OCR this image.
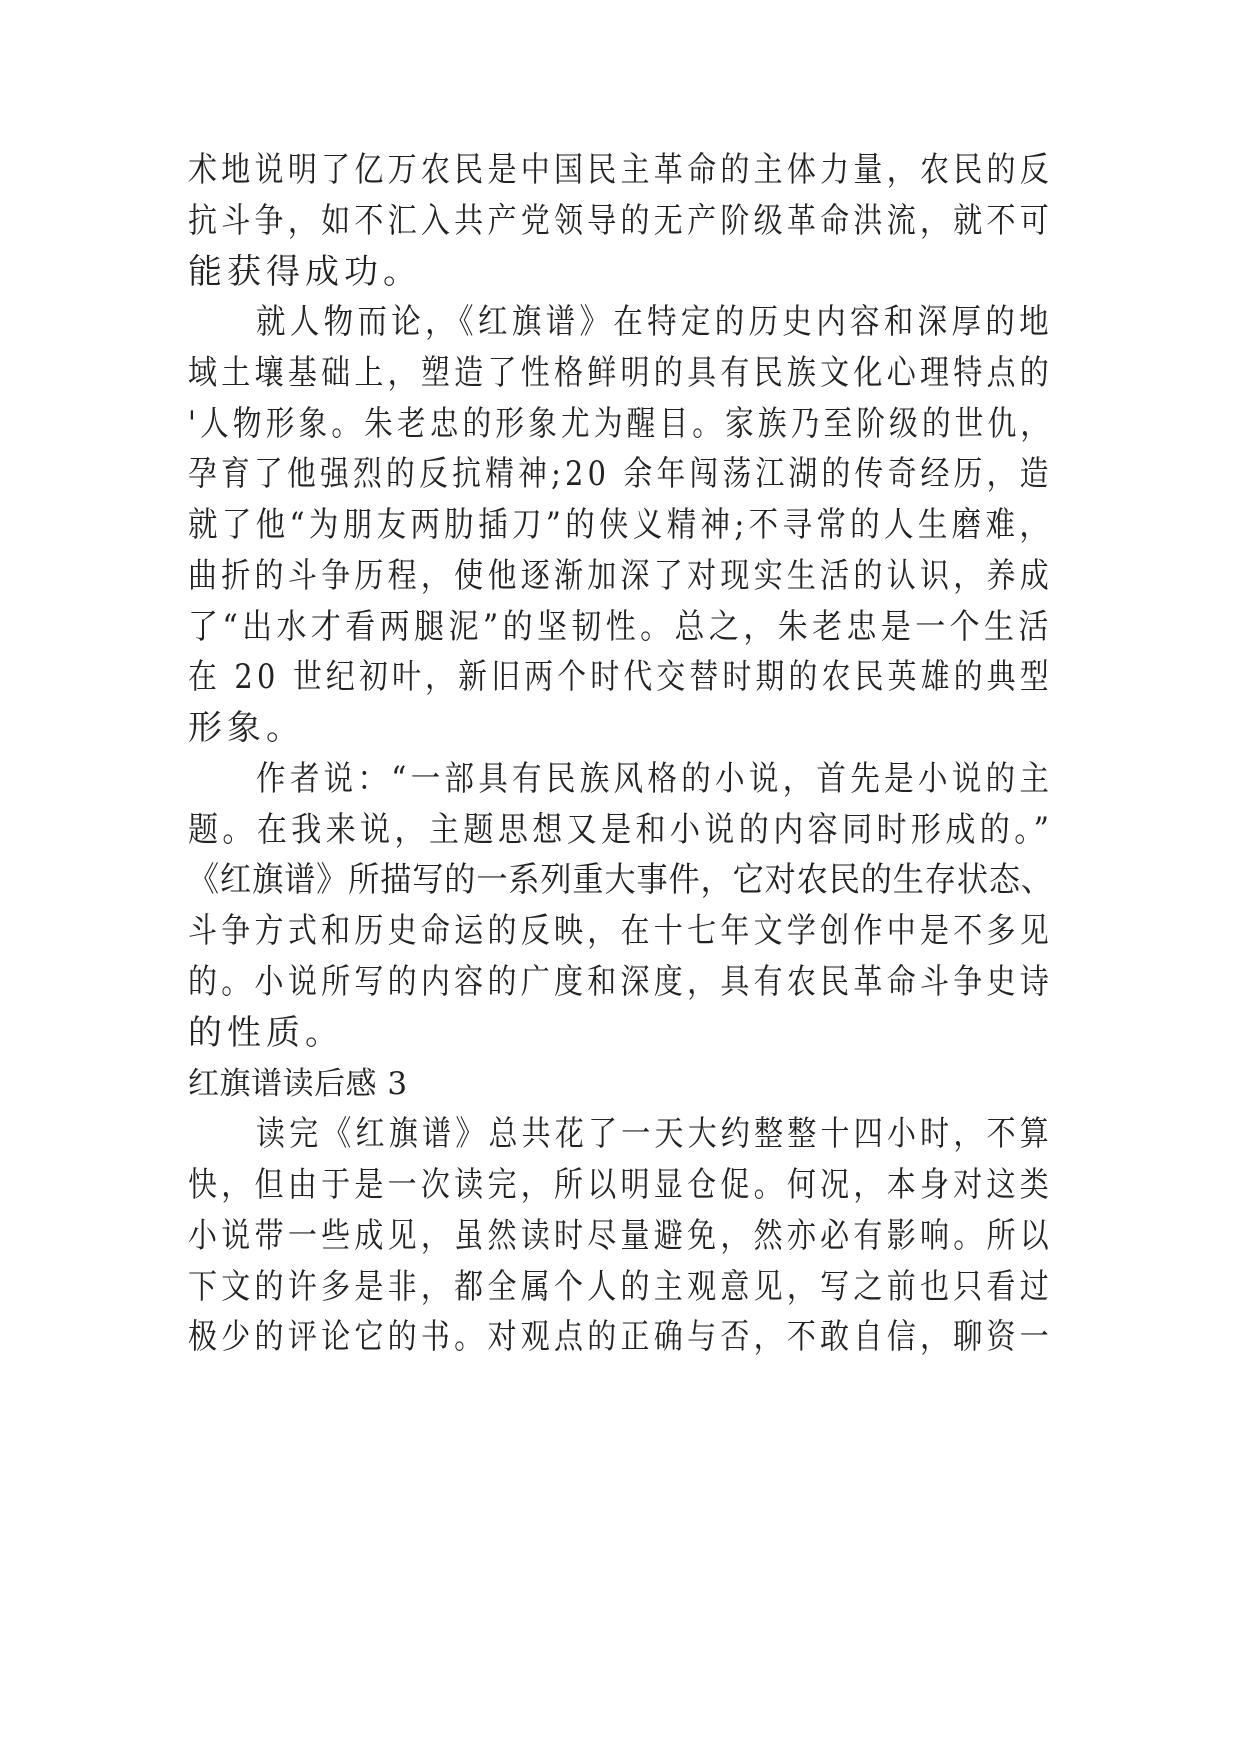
术地说明了亿万农民是中国民主革命的主体力量，农民的反
抗斗争，如不汇入共产党领导的无产阶级革命洪流，就不可
能获得成功。
就人物而论，《红旗谱》在特定的历史内容和深厚的地
域土壤基础上，塑造了性格鲜明的具有民族文化心理特点的
'人物形象。朱老忠的形象尤为醒目。家族乃至阶级的世仇，
孕育了他强烈的反抗精神;20 余年闯荡江湖的传奇经历，造
就了他“为朋友两肋插刀”的侠义精神;不寻常的人生磨难，
曲折的斗争历程，使他逐渐加深了对现实生活的认识，养成
了“出水才看两腿泥”的坚韧性。总之，朱老忠是一个生活
在 20 世纪初叶，新旧两个时代交替时期的农民英雄的典型
形象。
作者说：“一部具有民族风格的小说，首先是小说的主
题。在我来说，主题思想又是和小说的内容同时形成的。”
《红旗谱》所描写的一系列重大事件，它对农民的生存状态、
斗争方式和历史命运的反映，在十七年文学创作中是不多见
的。小说所写的内容的广度和深度，具有农民革命斗争史诗
的性质。
红旗谱读后感 3
读完《红旗谱》总共花了一天大约整整十四小时，不算
快，但由于是一次读完，所以明显仓促。何况，本身对这类
小说带一些成见，虽然读时尽量避免，然亦必有影响。所以
下文的许多是非，都全属个人的主观意见，写之前也只看过
极少的评论它的书。对观点的正确与否，不敢自信，聊资一
